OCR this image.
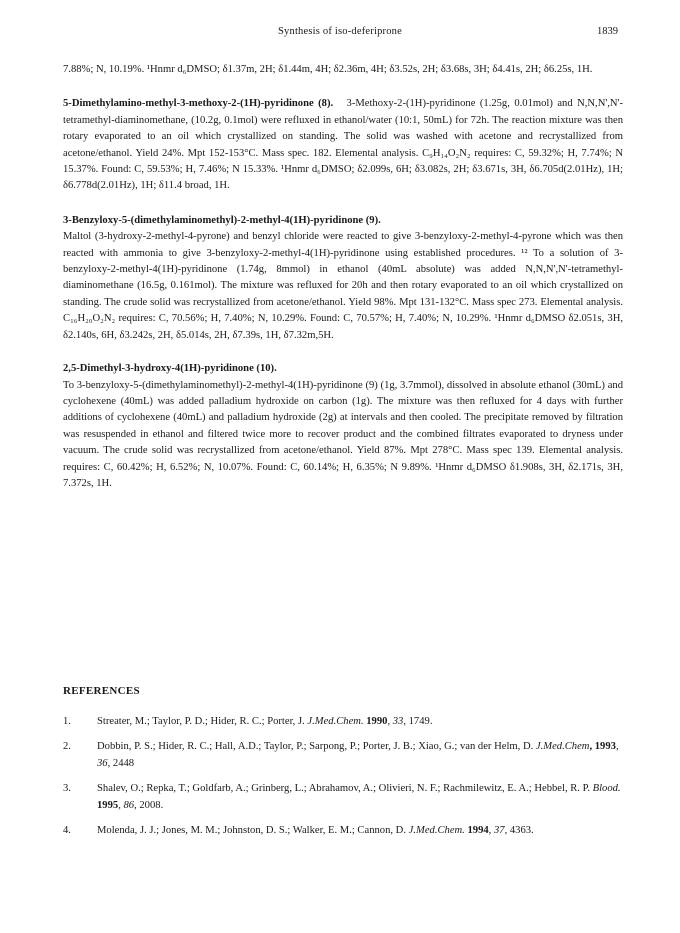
Synthesis of iso-deferiprone	1839

7.88%; N, 10.19%. ¹Hnmr d₆DMSO; δ1.37m, 2H; δ1.44m, 4H; δ2.36m, 4H; δ3.52s, 2H; δ3.68s, 3H; δ4.41s, 2H; δ6.25s, 1H.

5-Dimethylamino-methyl-3-methoxy-2-(1H)-pyridinone (8). 3-Methoxy-2-(1H)-pyridinone (1.25g, 0.01mol) and N,N,N',N'-tetramethyl-diaminomethane, (10.2g, 0.1mol) were refluxed in ethanol/water (10:1, 50mL) for 72h. The reaction mixture was then rotary evaporated to an oil which crystallized on standing. The solid was washed with acetone and recrystallized from acetone/ethanol. Yield 24%. Mpt 152-153°C. Mass spec. 182. Elemental analysis. C₉H₁₄O₂N₂ requires: C, 59.32%; H, 7.74%; N 15.37%. Found: C, 59.53%; H, 7.46%; N 15.33%. ¹Hnmr d₆DMSO; δ2.099s, 6H; δ3.082s, 2H; δ3.671s, 3H, δ6.705d(2.01Hz), 1H; δ6.778d(2.01Hz), 1H; δ11.4 broad, 1H.

3-Benzyloxy-5-(dimethylaminomethyl)-2-methyl-4(1H)-pyridinone (9).
Maltol (3-hydroxy-2-methyl-4-pyrone) and benzyl chloride were reacted to give 3-benzyloxy-2-methyl-4-pyrone which was then reacted with ammonia to give 3-benzyloxy-2-methyl-4(1H)-pyridinone using established procedures. ¹² To a solution of 3-benzyloxy-2-methyl-4(1H)-pyridinone (1.74g, 8mmol) in ethanol (40mL absolute) was added N,N,N',N'-tetramethyl-diaminomethane (16.5g, 0.161mol). The mixture was refluxed for 20h and then rotary evaporated to an oil which crystallized on standing. The crude solid was recrystallized from acetone/ethanol. Yield 98%. Mpt 131-132°C. Mass spec 273. Elemental analysis. C₁₆H₂₀O₂N₂ requires: C, 70.56%; H, 7.40%; N, 10.29%. Found: C, 70.57%; H, 7.40%; N, 10.29%. ¹Hnmr d₆DMSO δ2.051s, 3H, δ2.140s, 6H, δ3.242s, 2H, δ5.014s, 2H, δ7.39s, 1H, δ7.32m,5H.

2,5-Dimethyl-3-hydroxy-4(1H)-pyridinone (10).
To 3-benzyloxy-5-(dimethylaminomethyl)-2-methyl-4(1H)-pyridinone (9) (1g, 3.7mmol), dissolved in absolute ethanol (30mL) and cyclohexene (40mL) was added palladium hydroxide on carbon (1g). The mixture was then refluxed for 4 days with further additions of cyclohexene (40mL) and palladium hydroxide (2g) at intervals and then cooled. The precipitate removed by filtration was resuspended in ethanol and filtered twice more to recover product and the combined filtrates evaporated to dryness under vacuum. The crude solid was recrystallized from acetone/ethanol. Yield 87%. Mpt 278°C. Mass spec 139. Elemental analysis. requires: C, 60.42%; H, 6.52%; N, 10.07%. Found: C, 60.14%; H, 6.35%; N 9.89%. ¹Hnmr d₆DMSO δ1.908s, 3H, δ2.171s, 3H, 7.372s, 1H.

REFERENCES
1.	Streater, M.; Taylor, P. D.; Hider, R. C.; Porter, J. J.Med.Chem. 1990, 33, 1749.
2.	Dobbin, P. S.; Hider, R. C.; Hall, A.D.; Taylor, P.; Sarpong, P.; Porter, J. B.; Xiao, G.; van der Helm, D. J.Med.Chem, 1993, 36, 2448
3.	Shalev, O.; Repka, T.; Goldfarb, A.; Grinberg, L.; Abrahamov, A.; Olivieri, N. F.; Rachmilewitz, E. A.; Hebbel, R. P. Blood. 1995, 86, 2008.
4.	Molenda, J. J.; Jones, M. M.; Johnston, D. S.; Walker, E. M.; Cannon, D. J.Med.Chem. 1994, 37, 4363.
